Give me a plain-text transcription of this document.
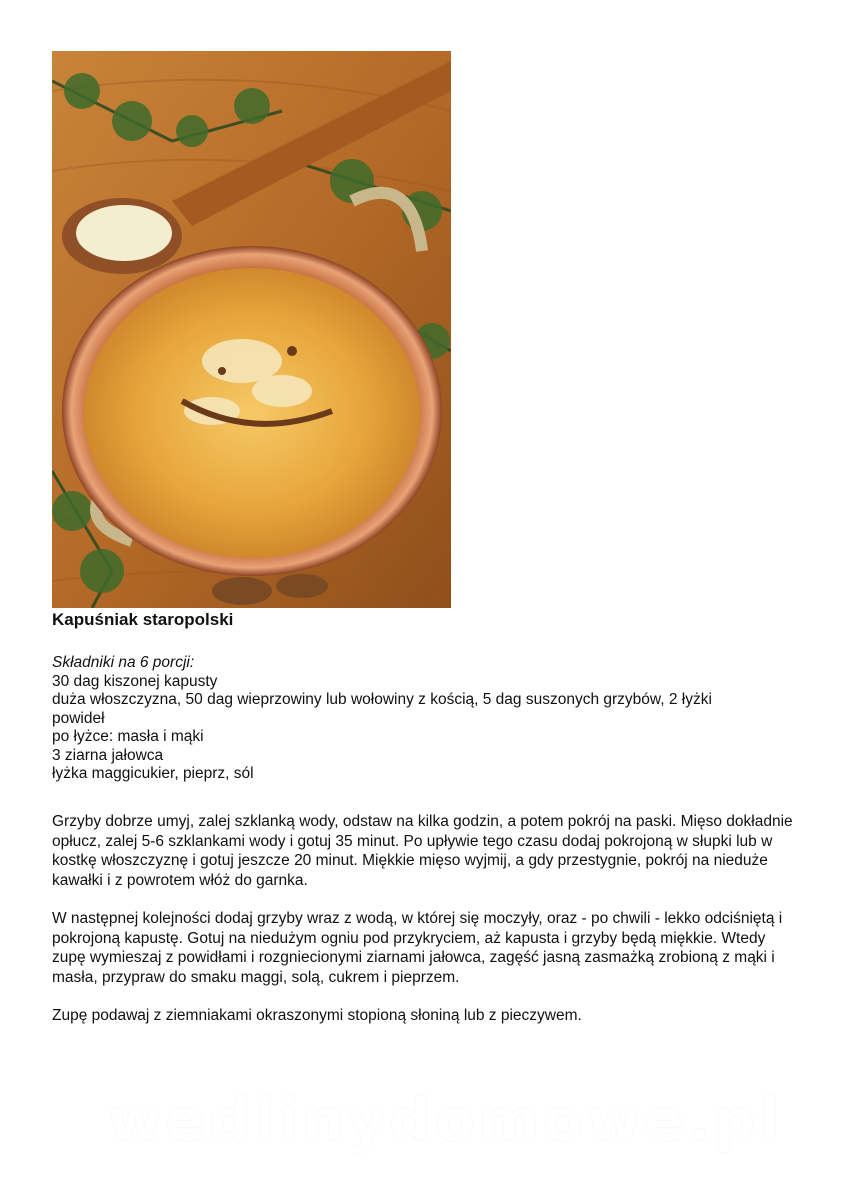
Kapuśniak staropolski
Składniki na 6 porcji:
30 dag kiszonej kapusty
duża włoszczyzna, 50 dag wieprzowiny lub wołowiny z kością, 5 dag suszonych grzybów, 2 łyżki
powideł
po łyżce: masła i mąki
3 ziarna jałowca
łyżka maggicukier, pieprz, sól

Grzyby dobrze umyj, zalej szklanką wody, odstaw na kilka godzin, a potem pokrój na paski. Mięso dokładnie opłucz, zalej 5-6 szklankami wody i gotuj 35 minut. Po upływie tego czasu dodaj pokrojoną w słupki lub w kostkę włoszczyznę i gotuj jeszcze 20 minut. Miękkie mięso wyjmij, a gdy przestygnie, pokrój na nieduże kawałki i z powrotem włóż do garnka.

W następnej kolejności dodaj grzyby wraz z wodą, w której się moczyły, oraz - po chwili - lekko odciśniętą i pokrojoną kapustę. Gotuj na niedużym ogniu pod przykryciem, aż kapusta i grzyby będą miękkie. Wtedy zupę wymieszaj z powidłami i rozgniecionymi ziarnami jałowca, zagęść jasną zasmażką zrobioną z mąki i masła, przypraw do smaku maggi, solą, cukrem i pieprzem.

Zupę podawaj z ziemniakami okraszonymi stopioną słoniną lub z pieczywem.

wedlinydomowe.pl
